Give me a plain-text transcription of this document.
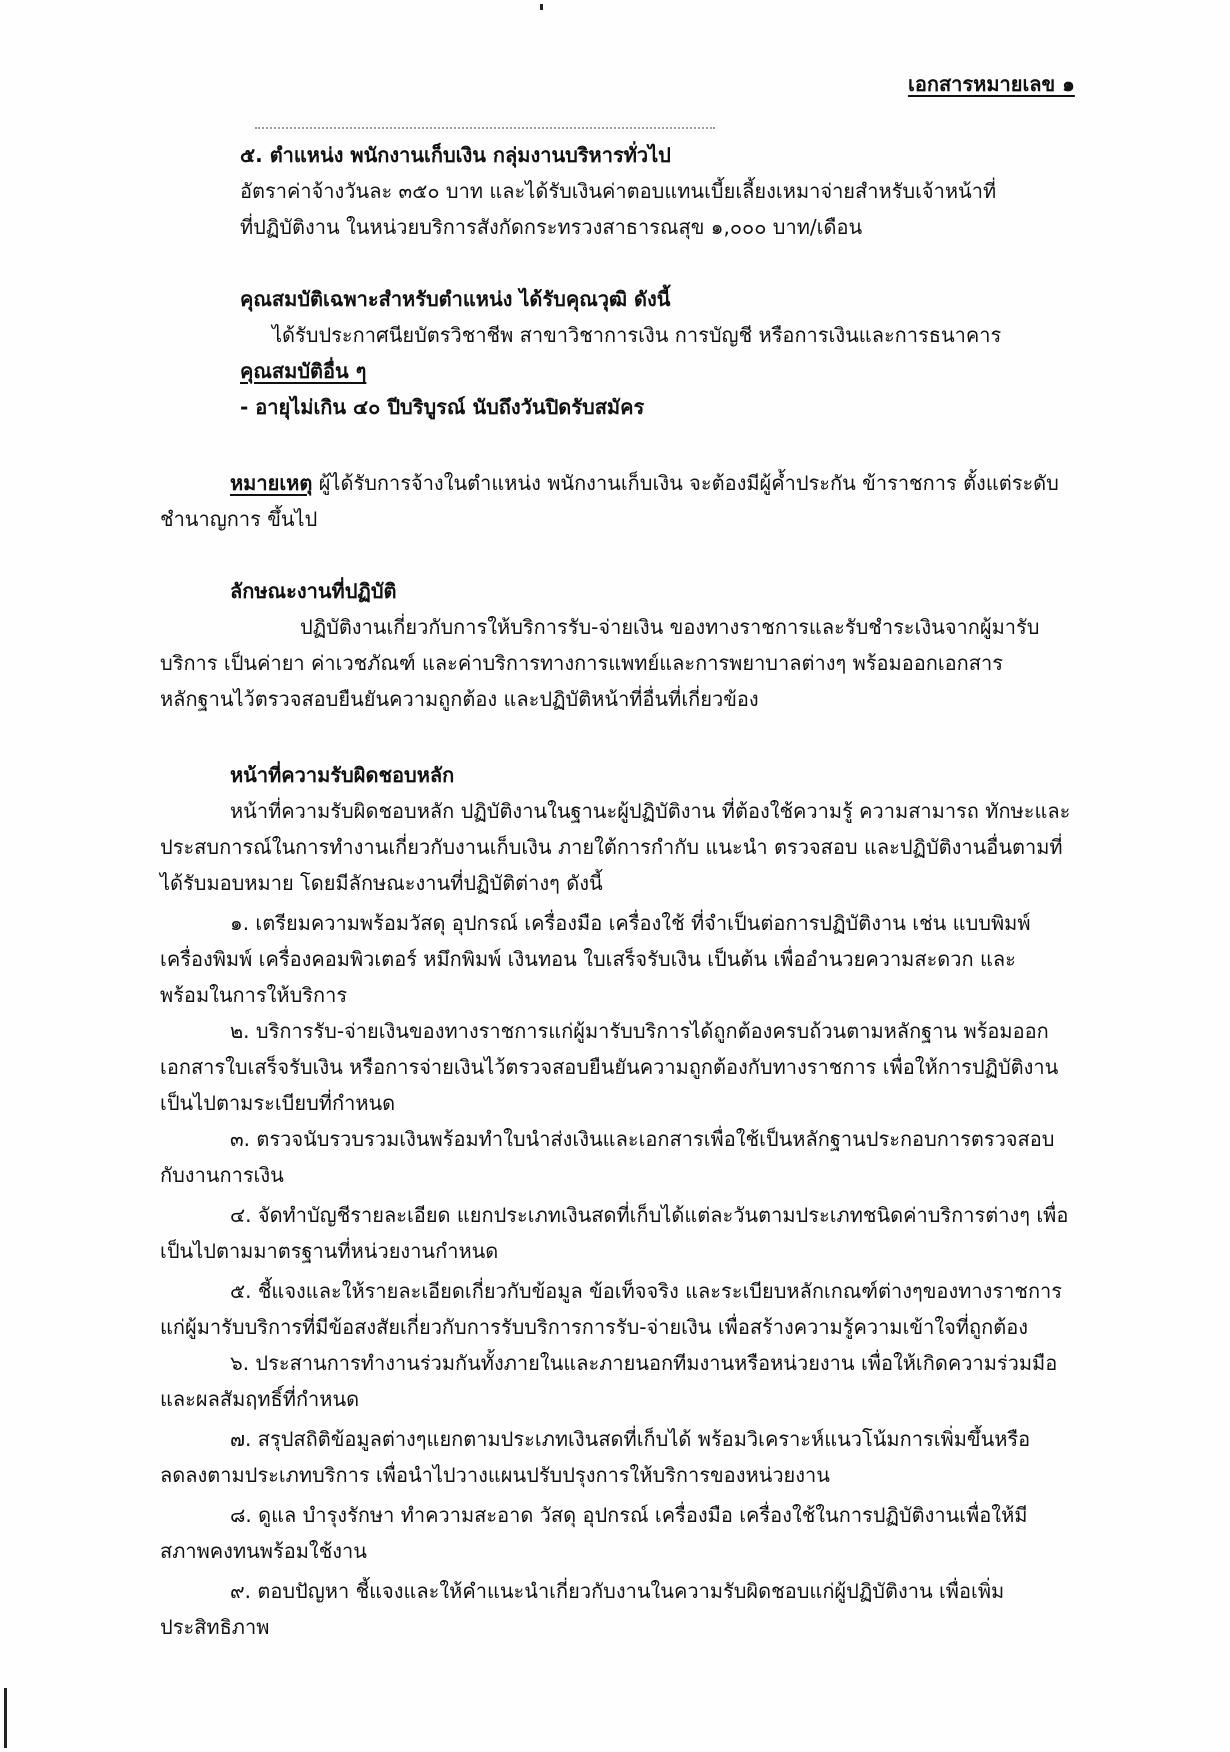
เอกสารหมายเลข ๑
๕. ตำแหน่ง พนักงานเก็บเงิน กลุ่มงานบริหารทั่วไป
อัตราค่าจ้างวันละ ๓๕๐ บาท และได้รับเงินค่าตอบแทนเบี้ยเลี้ยงเหมาจ่ายสำหรับเจ้าหน้าที่
ที่ปฏิบัติงาน ในหน่วยบริการสังกัดกระทรวงสาธารณสุข ๑,๐๐๐ บาท/เดือน
คุณสมบัติเฉพาะสำหรับตำแหน่ง ได้รับคุณวุฒิ ดังนี้
ได้รับประกาศนียบัตรวิชาชีพ สาขาวิชาการเงิน การบัญชี หรือการเงินและการธนาคาร
คุณสมบัติอื่น ๆ
- อายุไม่เกิน ๔๐ ปีบริบูรณ์ นับถึงวันปิดรับสมัคร
หมายเหตุ ผู้ได้รับการจ้างในตำแหน่ง พนักงานเก็บเงิน จะต้องมีผู้ค้ำประกัน ข้าราชการ ตั้งแต่ระดับ
ชำนาญการ ขึ้นไป
ลักษณะงานที่ปฏิบัติ
ปฏิบัติงานเกี่ยวกับการให้บริการรับ-จ่ายเงิน ของทางราชการและรับชำระเงินจากผู้มารับ
บริการ เป็นค่ายา ค่าเวชภัณฑ์ และค่าบริการทางการแพทย์และการพยาบาลต่างๆ พร้อมออกเอกสาร
หลักฐานไว้ตรวจสอบยืนยันความถูกต้อง และปฏิบัติหน้าที่อื่นที่เกี่ยวข้อง
หน้าที่ความรับผิดชอบหลัก
หน้าที่ความรับผิดชอบหลัก ปฏิบัติงานในฐานะผู้ปฏิบัติงาน ที่ต้องใช้ความรู้ ความสามารถ ทักษะและ
ประสบการณ์ในการทำงานเกี่ยวกับงานเก็บเงิน ภายใต้การกำกับ แนะนำ ตรวจสอบ และปฏิบัติงานอื่นตามที่
ได้รับมอบหมาย โดยมีลักษณะงานที่ปฏิบัติต่างๆ ดังนี้
๑. เตรียมความพร้อมวัสดุ อุปกรณ์ เครื่องมือ เครื่องใช้ ที่จำเป็นต่อการปฏิบัติงาน เช่น แบบพิมพ์
เครื่องพิมพ์ เครื่องคอมพิวเตอร์ หมึกพิมพ์ เงินทอน ใบเสร็จรับเงิน เป็นต้น เพื่ออำนวยความสะดวก และ
พร้อมในการให้บริการ
๒. บริการรับ-จ่ายเงินของทางราชการแก่ผู้มารับบริการได้ถูกต้องครบถ้วนตามหลักฐาน พร้อมออก
เอกสารใบเสร็จรับเงิน หรือการจ่ายเงินไว้ตรวจสอบยืนยันความถูกต้องกับทางราชการ เพื่อให้การปฏิบัติงาน
เป็นไปตามระเบียบที่กำหนด
๓. ตรวจนับรวบรวมเงินพร้อมทำใบนำส่งเงินและเอกสารเพื่อใช้เป็นหลักฐานประกอบการตรวจสอบ
กับงานการเงิน
๔. จัดทำบัญชีรายละเอียด แยกประเภทเงินสดที่เก็บได้แต่ละวันตามประเภทชนิดค่าบริการต่างๆ เพื่อ
เป็นไปตามมาตรฐานที่หน่วยงานกำหนด
๕. ชี้แจงและให้รายละเอียดเกี่ยวกับข้อมูล ข้อเท็จจริง และระเบียบหลักเกณฑ์ต่างๆของทางราชการ
แก่ผู้มารับบริการที่มีข้อสงสัยเกี่ยวกับการรับบริการการรับ-จ่ายเงิน เพื่อสร้างความรู้ความเข้าใจที่ถูกต้อง
๖. ประสานการทำงานร่วมกันทั้งภายในและภายนอกทีมงานหรือหน่วยงาน เพื่อให้เกิดความร่วมมือ
และผลสัมฤทธิ์ที่กำหนด
๗. สรุปสถิติข้อมูลต่างๆแยกตามประเภทเงินสดที่เก็บได้ พร้อมวิเคราะห์แนวโน้มการเพิ่มขึ้นหรือ
ลดลงตามประเภทบริการ เพื่อนำไปวางแผนปรับปรุงการให้บริการของหน่วยงาน
๘. ดูแล บำรุงรักษา ทำความสะอาด วัสดุ อุปกรณ์ เครื่องมือ เครื่องใช้ในการปฏิบัติงานเพื่อให้มี
สภาพคงทนพร้อมใช้งาน
๙. ตอบปัญหา ชี้แจงและให้คำแนะนำเกี่ยวกับงานในความรับผิดชอบแก่ผู้ปฏิบัติงาน เพื่อเพิ่ม
ประสิทธิภาพ
